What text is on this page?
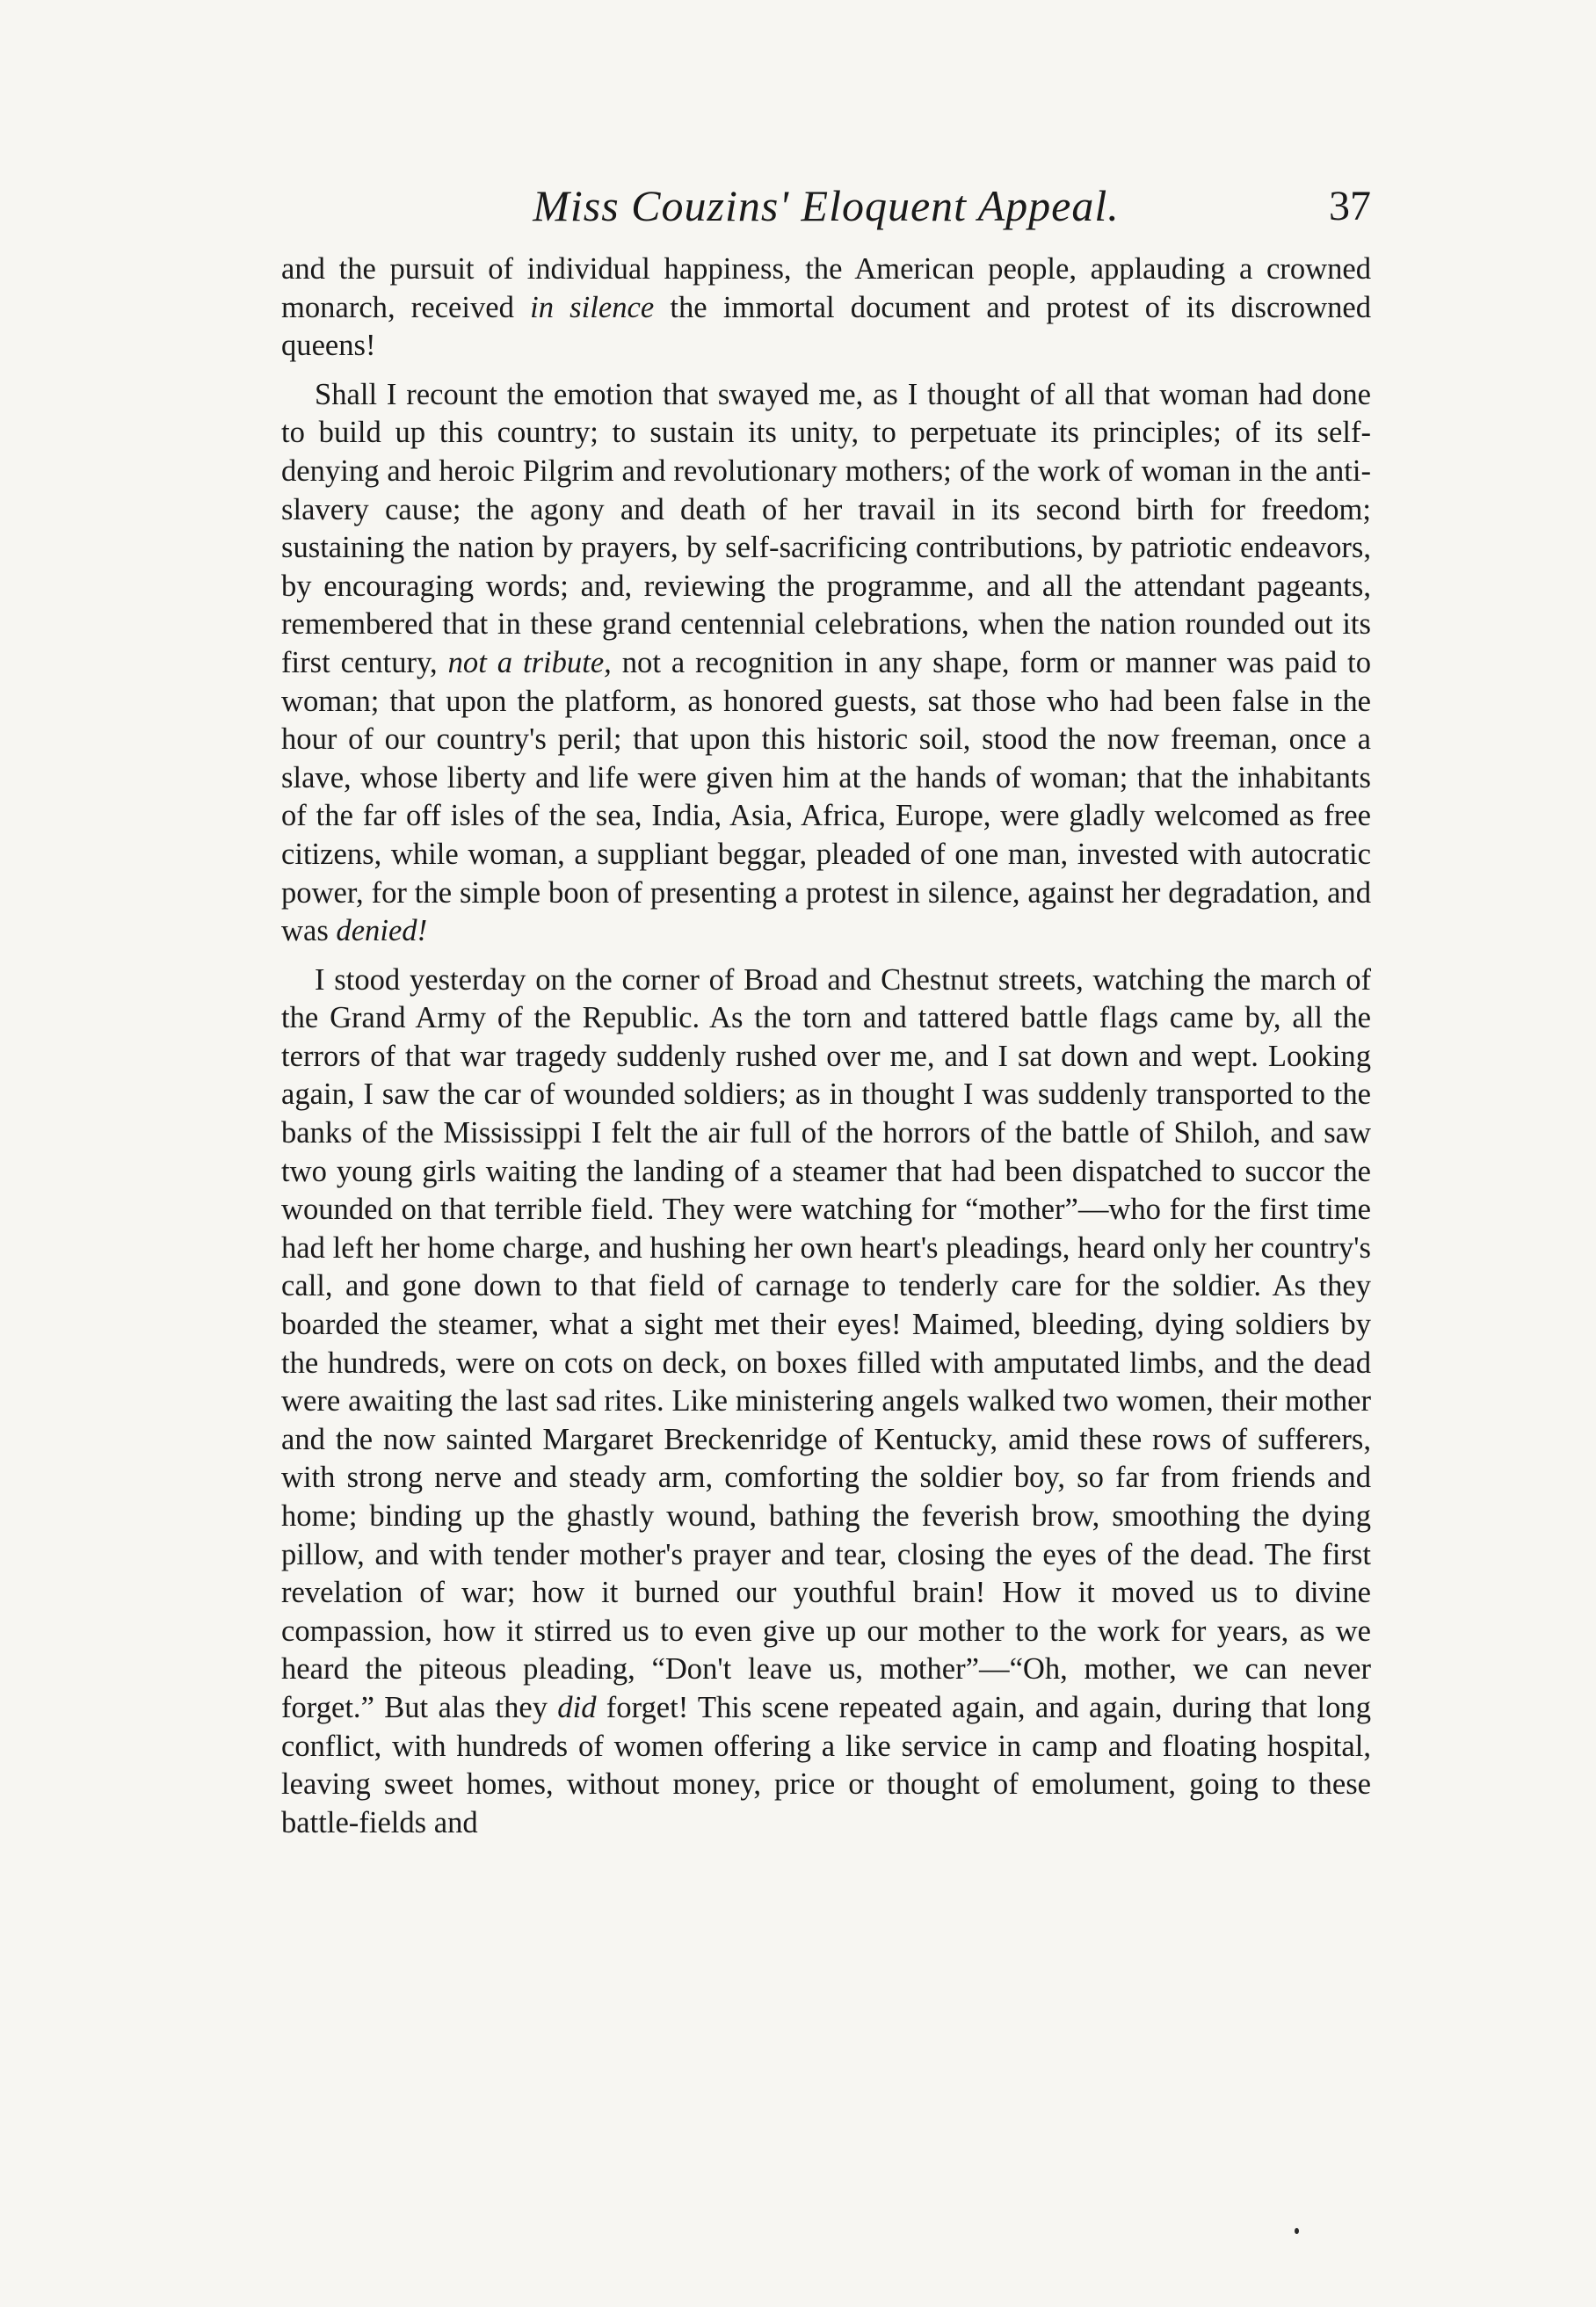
Miss Couzins' Eloquent Appeal.	37

and the pursuit of individual happiness, the American people, applauding a crowned monarch, received in silence the immortal document and protest of its discrowned queens!

Shall I recount the emotion that swayed me, as I thought of all that woman had done to build up this country; to sustain its unity, to perpetuate its principles; of its self-denying and heroic Pilgrim and revolutionary mothers; of the work of woman in the anti-slavery cause; the agony and death of her travail in its second birth for freedom; sustaining the nation by prayers, by self-sacrificing contributions, by patriotic endeavors, by encouraging words; and, reviewing the programme, and all the attendant pageants, remembered that in these grand centennial celebrations, when the nation rounded out its first century, not a tribute, not a recognition in any shape, form or manner was paid to woman; that upon the platform, as honored guests, sat those who had been false in the hour of our country's peril; that upon this historic soil, stood the now freeman, once a slave, whose liberty and life were given him at the hands of woman; that the inhabitants of the far off isles of the sea, India, Asia, Africa, Europe, were gladly welcomed as free citizens, while woman, a suppliant beggar, pleaded of one man, invested with autocratic power, for the simple boon of presenting a protest in silence, against her degradation, and was denied!

I stood yesterday on the corner of Broad and Chestnut streets, watching the march of the Grand Army of the Republic. As the torn and tattered battle flags came by, all the terrors of that war tragedy suddenly rushed over me, and I sat down and wept. Looking again, I saw the car of wounded soldiers; as in thought I was suddenly transported to the banks of the Mississippi I felt the air full of the horrors of the battle of Shiloh, and saw two young girls waiting the landing of a steamer that had been dispatched to succor the wounded on that terrible field. They were watching for “mother”—who for the first time had left her home charge, and hushing her own heart's pleadings, heard only her country's call, and gone down to that field of carnage to tenderly care for the soldier. As they boarded the steamer, what a sight met their eyes! Maimed, bleeding, dying soldiers by the hundreds, were on cots on deck, on boxes filled with amputated limbs, and the dead were awaiting the last sad rites. Like ministering angels walked two women, their mother and the now sainted Margaret Breckenridge of Kentucky, amid these rows of sufferers, with strong nerve and steady arm, comforting the soldier boy, so far from friends and home; binding up the ghastly wound, bathing the feverish brow, smoothing the dying pillow, and with tender mother's prayer and tear, closing the eyes of the dead. The first revelation of war; how it burned our youthful brain! How it moved us to divine compassion, how it stirred us to even give up our mother to the work for years, as we heard the piteous pleading, “Don't leave us, mother”—“Oh, mother, we can never forget.” But alas they did forget! This scene repeated again, and again, during that long conflict, with hundreds of women offering a like service in camp and floating hospital, leaving sweet homes, without money, price or thought of emolument, going to these battle-fields and
